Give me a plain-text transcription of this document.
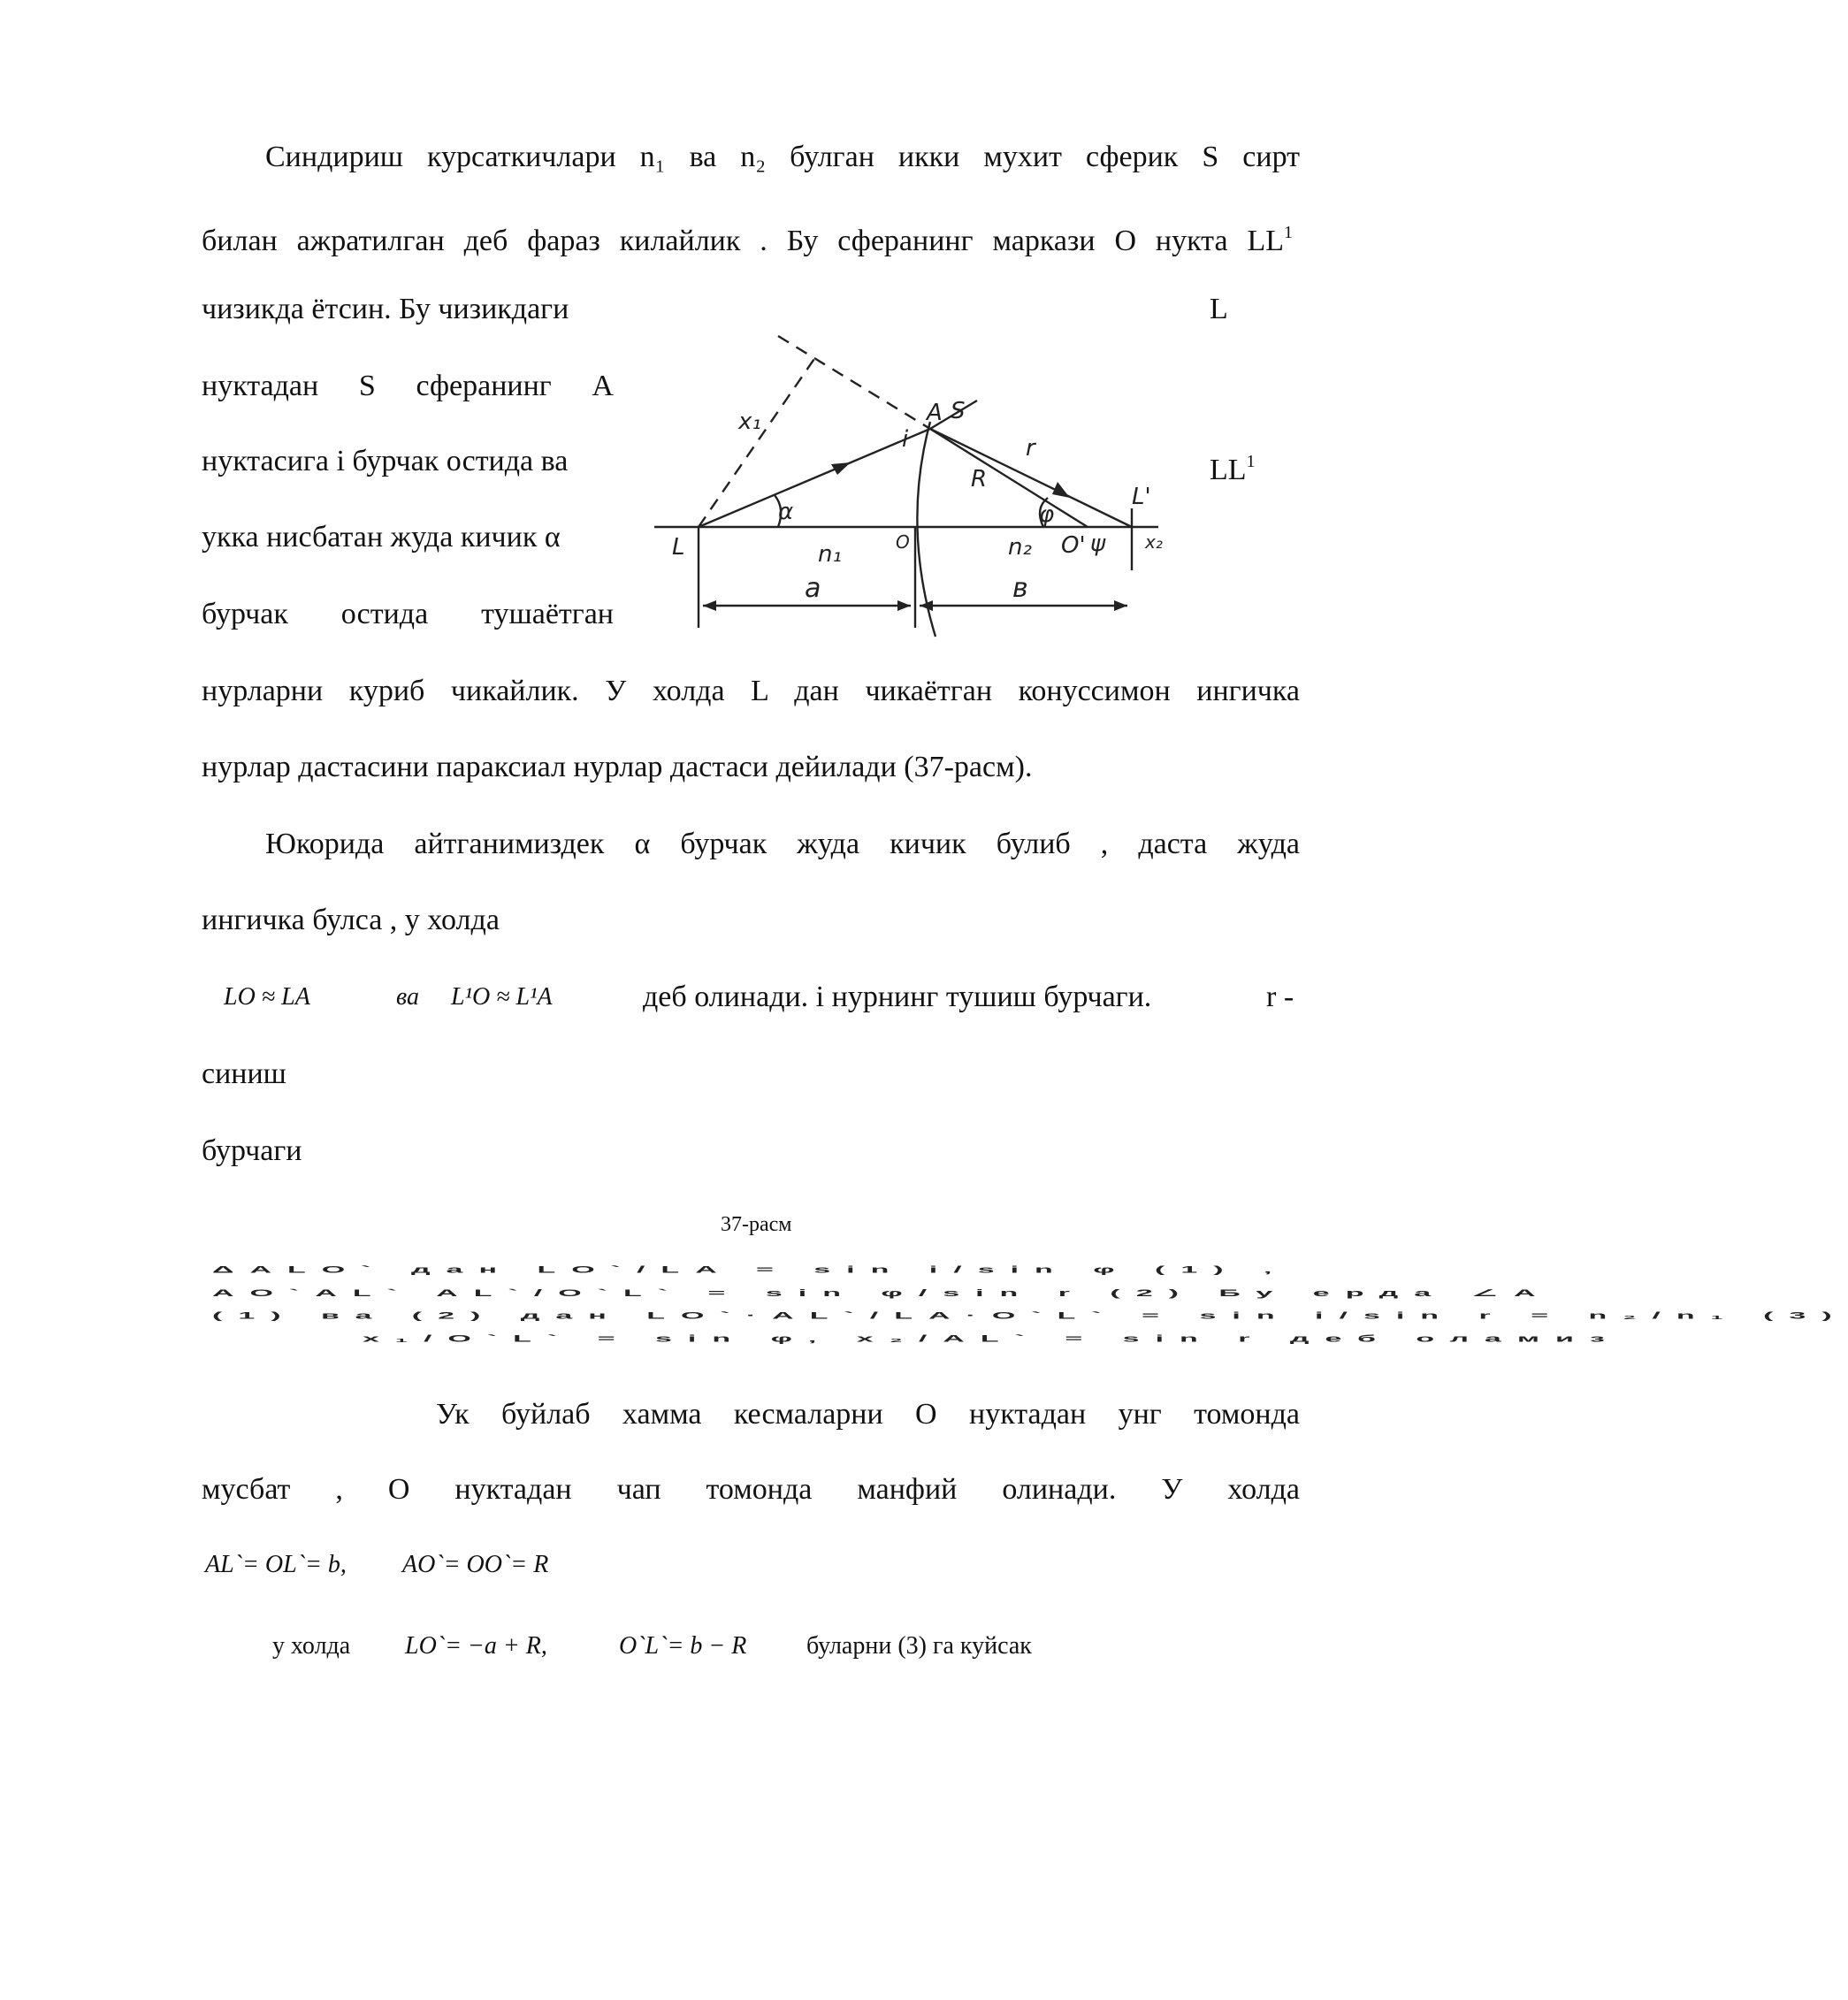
Синдириш курсаткичлари n₁ ва n₂ булган икки мухит сферик S сирт
билан ажратилган деб фараз килайлик . Бу сферанинг маркази О нукта $LL^1$
чизикда ётсин. Бу чизикдаги	L
нуктадан S сферанинг А
нуктасига і бурчак остида ва	$LL^1$
укка нисбатан жуда кичик α
бурчак остида тушаётган
нурларни куриб чикайлик. У холда L дан чикаётган конуссимон ингичка
нурлар дастасини параксиал нурлар дастаси дейилади (37-расм).
L
A S
O	O'
L'
n₁	n₂
a	в
R
x₁
x₂
i	r
α	φ
ψ
Юкорида айтганимиздек α бурчак жуда кичик булиб , даста жуда
ингичка булса , у холда
LO ≈ LA	ва L¹O ≈ L¹A	деб олинади. і нурнинг тушиш бурчаги.	r -
синиш
бурчаги
37-расм
ΔALO` дан LO`/LA = sin i/sin φ (1) ,
AO`AL` AL`/O`L` = sin φ/sin r (2) Бу ерда ∠A
(1) ва (2) дан LO`·AL`/LA·O`L` = sin i/sin r = n₂/n₁ (3)
x₁/O`L` = sin φ, x₂/AL` = sin r деб оламиз
Ук буйлаб хамма кесмаларни О нуктадан унг томонда
мусбат , О нуктадан чап томонда манфий олинади. У холда
AL`= OL`= b, AO`= OO`= R
у холда LO`= −a + R,	O`L`= b − R буларни (3) га куйсак
